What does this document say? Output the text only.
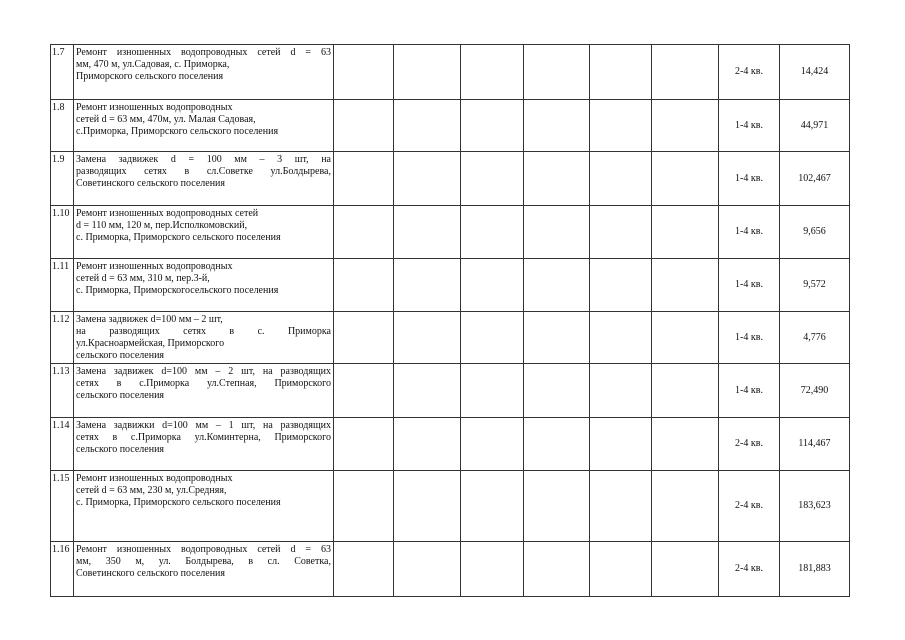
1.7	Ремонт изношенных водопроводных сетей d = 63
мм, 470 м, ул.Садовая, с. Приморка,
Приморского сельского поселения							2-4 кв.	14,424
1.8	Ремонт изношенных водопроводных
сетей d = 63 мм, 470м, ул. Малая Садовая,
с.Приморка, Приморского сельского поселения							1-4 кв.	44,971
1.9	Замена задвижек d = 100 мм – 3 шт, на
разводящих сетях в сл.Советке ул.Болдырева,
Советинского сельского поселения							1-4 кв.	102,467
1.10	Ремонт изношенных водопроводных сетей
d = 110 мм, 120 м, пер.Исполкомовский,
с. Приморка, Приморского сельского поселения							1-4 кв.	9,656
1.11	Ремонт изношенных водопроводных
сетей d = 63 мм, 310 м, пер.3-й,
с. Приморка, Приморскогосельского поселения							1-4 кв.	9,572
1.12	Замена задвижек d=100 мм – 2 шт,
на разводящих сетях в с. Приморка
ул.Красноармейская, Приморского
сельского поселения							1-4 кв.	4,776
1.13	Замена задвижек d=100 мм – 2 шт, на разводящих
сетях в с.Приморка ул.Степная, Приморского
сельского поселения							1-4 кв.	72,490
1.14	Замена задвижки d=100 мм – 1 шт, на разводящих
сетях в с.Приморка ул.Коминтерна, Приморского
сельского поселения							2-4 кв.	114,467
1.15	Ремонт изношенных водопроводных
сетей d = 63 мм, 230 м, ул.Средняя,
с. Приморка, Приморского сельского поселения							2-4 кв.	183,623
1.16	Ремонт изношенных водопроводных сетей d = 63
мм, 350 м, ул. Болдырева, в сл. Советка,
Советинского сельского поселения							2-4 кв.	181,883
